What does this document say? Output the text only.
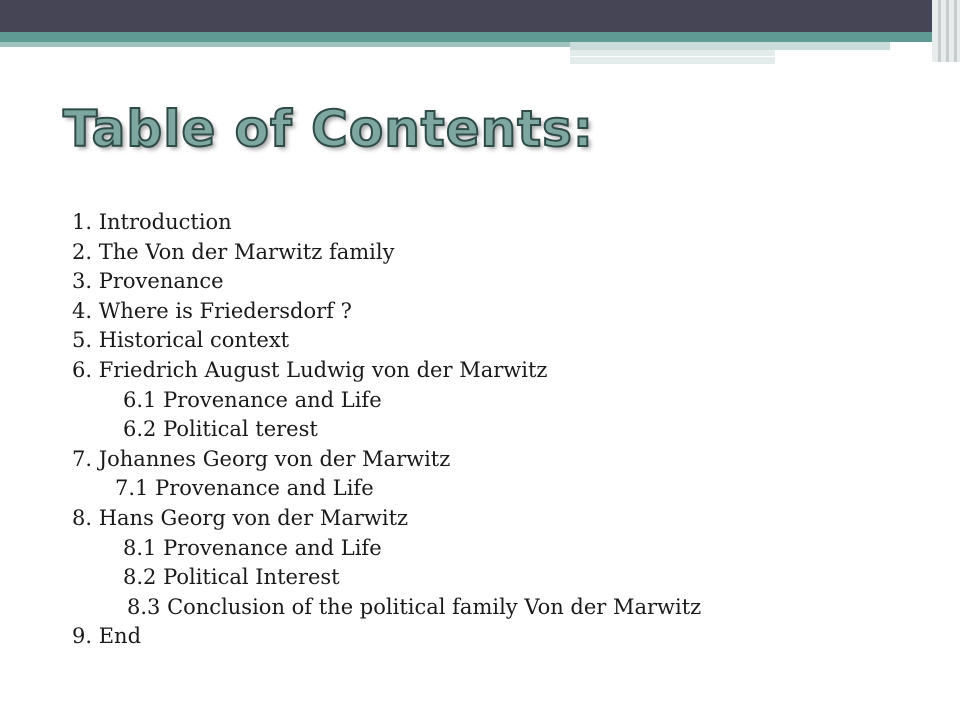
Table of Contents:
1. Introduction
2. The Von der Marwitz family
3. Provenance
4. Where is Friedersdorf ?
5. Historical context
6. Friedrich August Ludwig von der Marwitz
6.1 Provenance and Life
6.2 Political terest
7. Johannes Georg von der Marwitz
7.1 Provenance and Life
8. Hans Georg von der Marwitz
8.1 Provenance and Life
8.2 Political Interest
8.3 Conclusion of the political family Von der Marwitz
9. End
